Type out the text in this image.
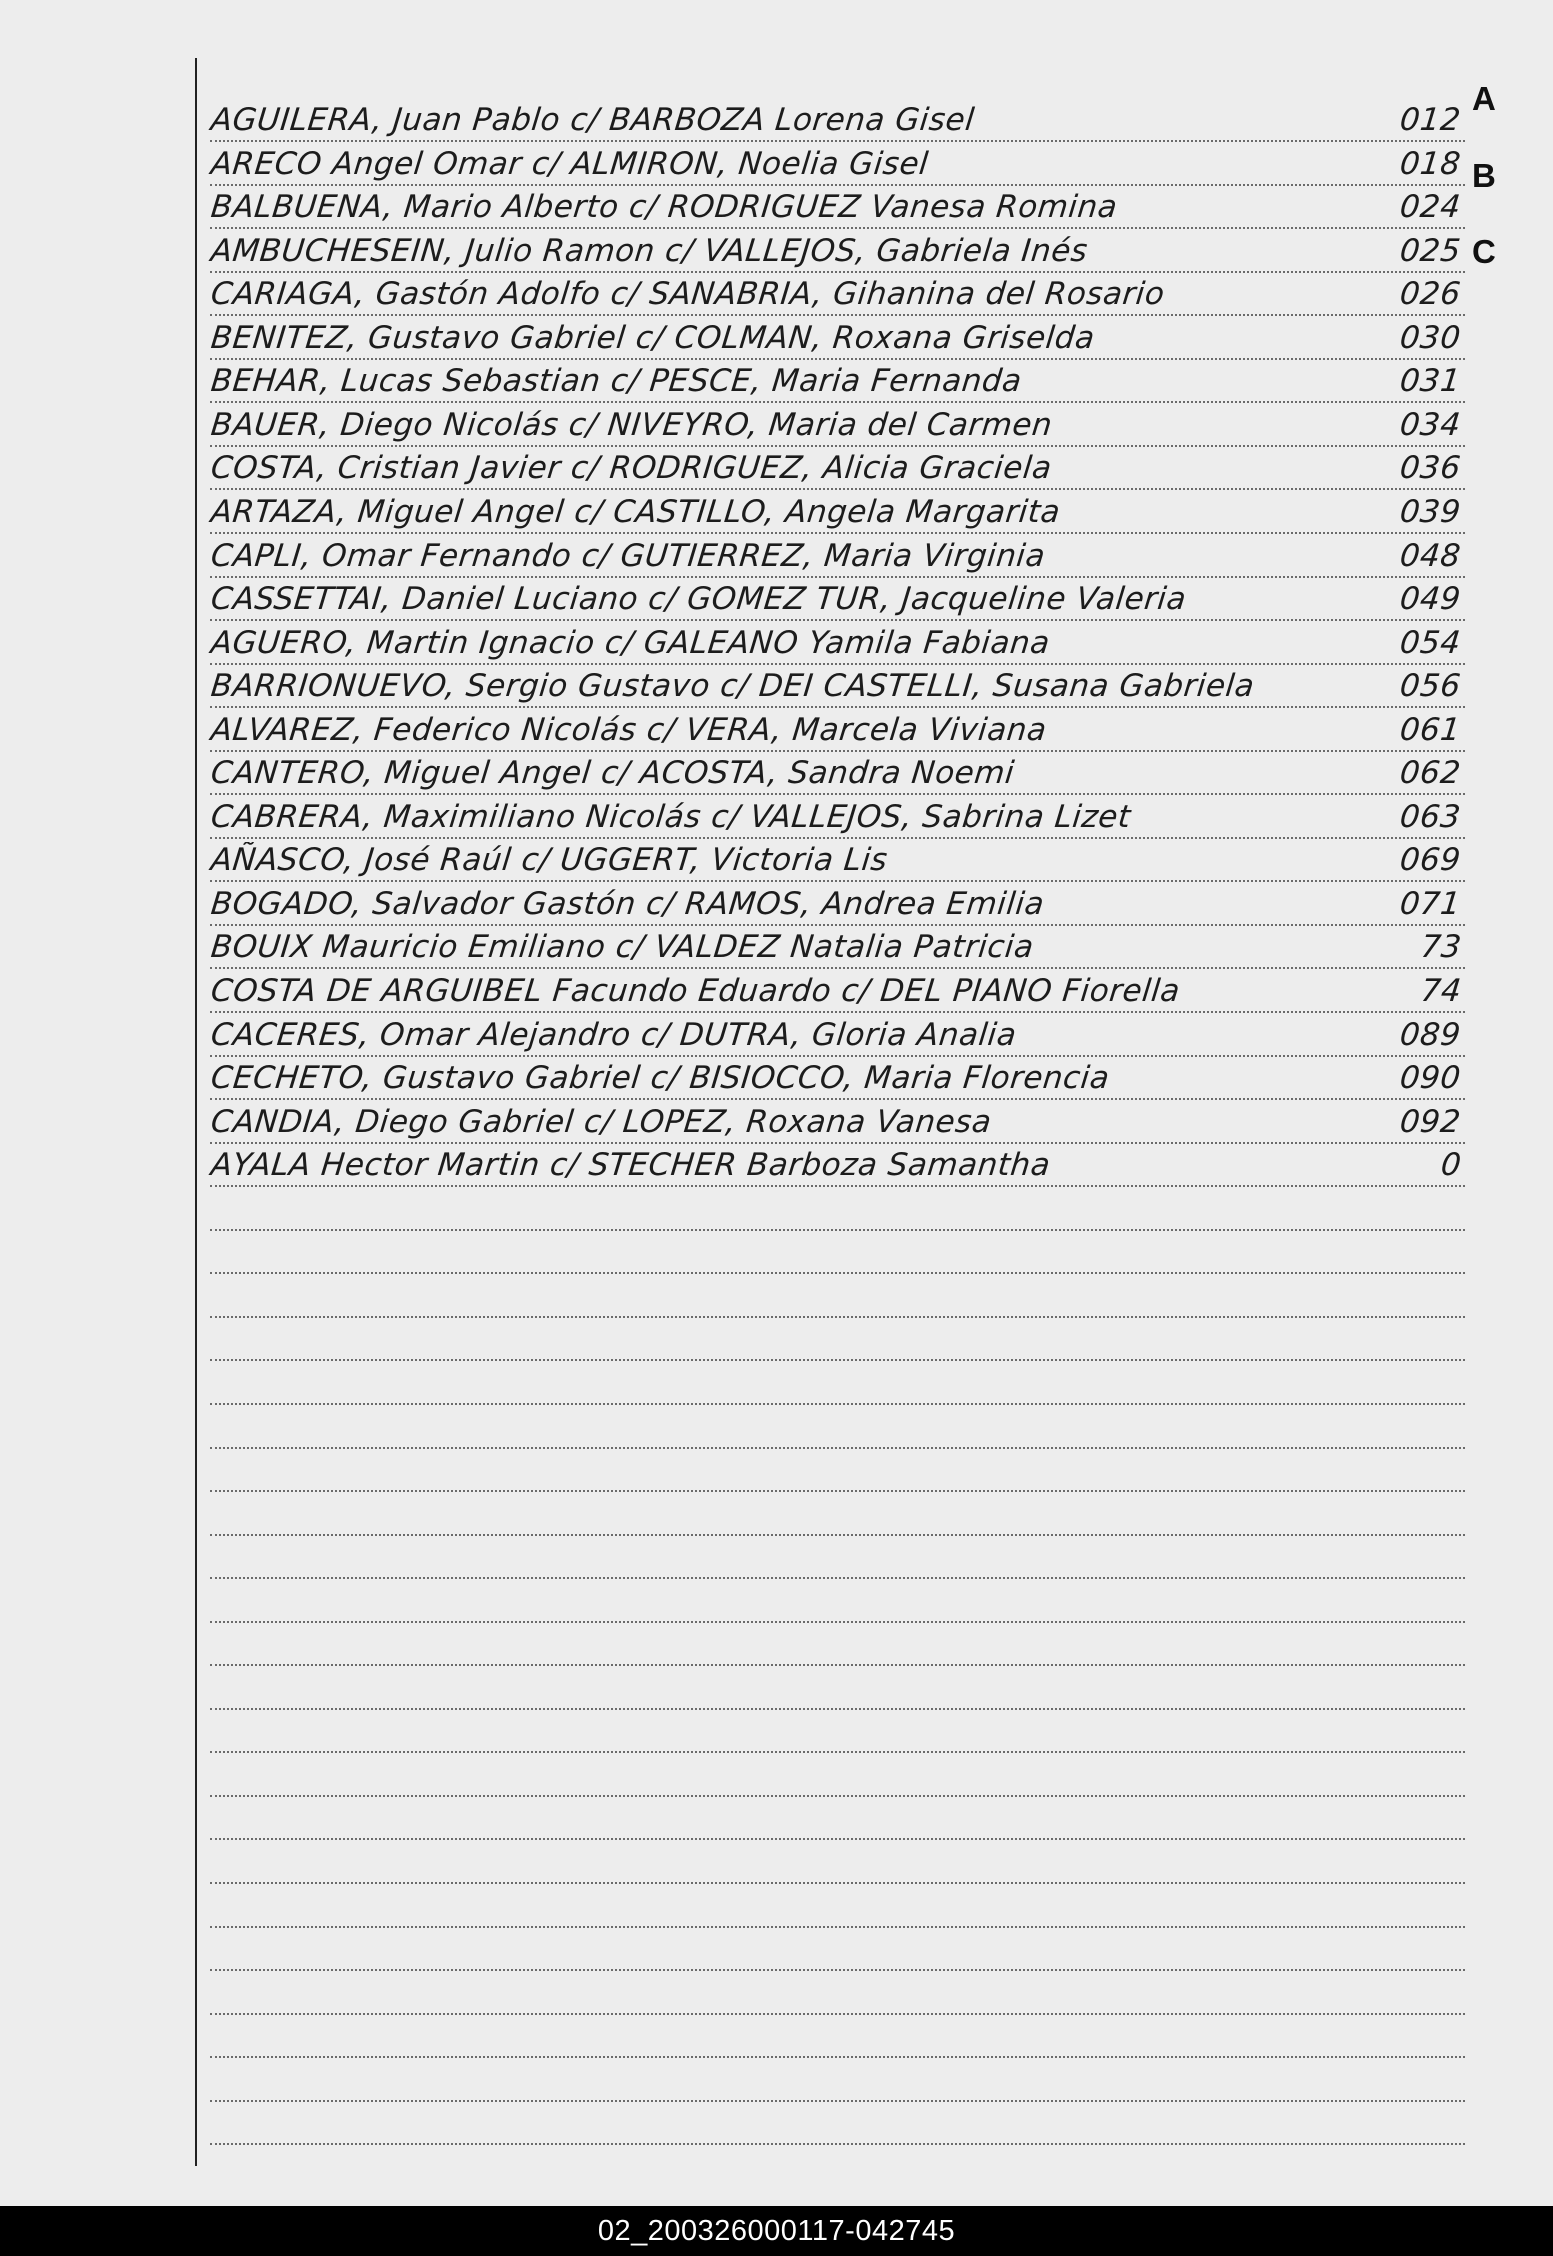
A
B
C
AGUILERA, Juan Pablo c/ BARBOZA Lorena Gisel	012
ARECO Angel Omar c/ ALMIRON, Noelia Gisel	018
BALBUENA, Mario Alberto c/ RODRIGUEZ Vanesa Romina	024
AMBUCHESEIN, Julio Ramon c/ VALLEJOS, Gabriela Inés	025
CARIAGA, Gastón Adolfo c/ SANABRIA, Gihanina del Rosario	026
BENITEZ, Gustavo Gabriel c/ COLMAN, Roxana Griselda	030
BEHAR, Lucas Sebastian c/ PESCE, Maria Fernanda	031
BAUER, Diego Nicolás c/ NIVEYRO, Maria del Carmen	034
COSTA, Cristian Javier c/ RODRIGUEZ, Alicia Graciela	036
ARTAZA, Miguel Angel c/ CASTILLO, Angela Margarita	039
CAPLI, Omar Fernando c/ GUTIERREZ, Maria Virginia	048
CASSETTAI, Daniel Luciano c/ GOMEZ TUR, Jacqueline Valeria	049
AGUERO, Martin Ignacio c/ GALEANO Yamila Fabiana	054
BARRIONUEVO, Sergio Gustavo c/ DEI CASTELLI, Susana Gabriela	056
ALVAREZ, Federico Nicolás c/ VERA, Marcela Viviana	061
CANTERO, Miguel Angel c/ ACOSTA, Sandra Noemi	062
CABRERA, Maximiliano Nicolás c/ VALLEJOS, Sabrina Lizet	063
AÑASCO, José Raúl c/ UGGERT, Victoria Lis	069
BOGADO, Salvador Gastón c/ RAMOS, Andrea Emilia	071
BOUIX Mauricio Emiliano c/ VALDEZ Natalia Patricia	73
COSTA DE ARGUIBEL Facundo Eduardo c/ DEL PIANO Fiorella	74
CACERES, Omar Alejandro c/ DUTRA, Gloria Analia	089
CECHETO, Gustavo Gabriel c/ BISIOCCO, Maria Florencia	090
CANDIA, Diego Gabriel c/ LOPEZ, Roxana Vanesa	092
AYALA Hector Martin c/ STECHER Barboza Samantha	0
02_200326000117-042745
